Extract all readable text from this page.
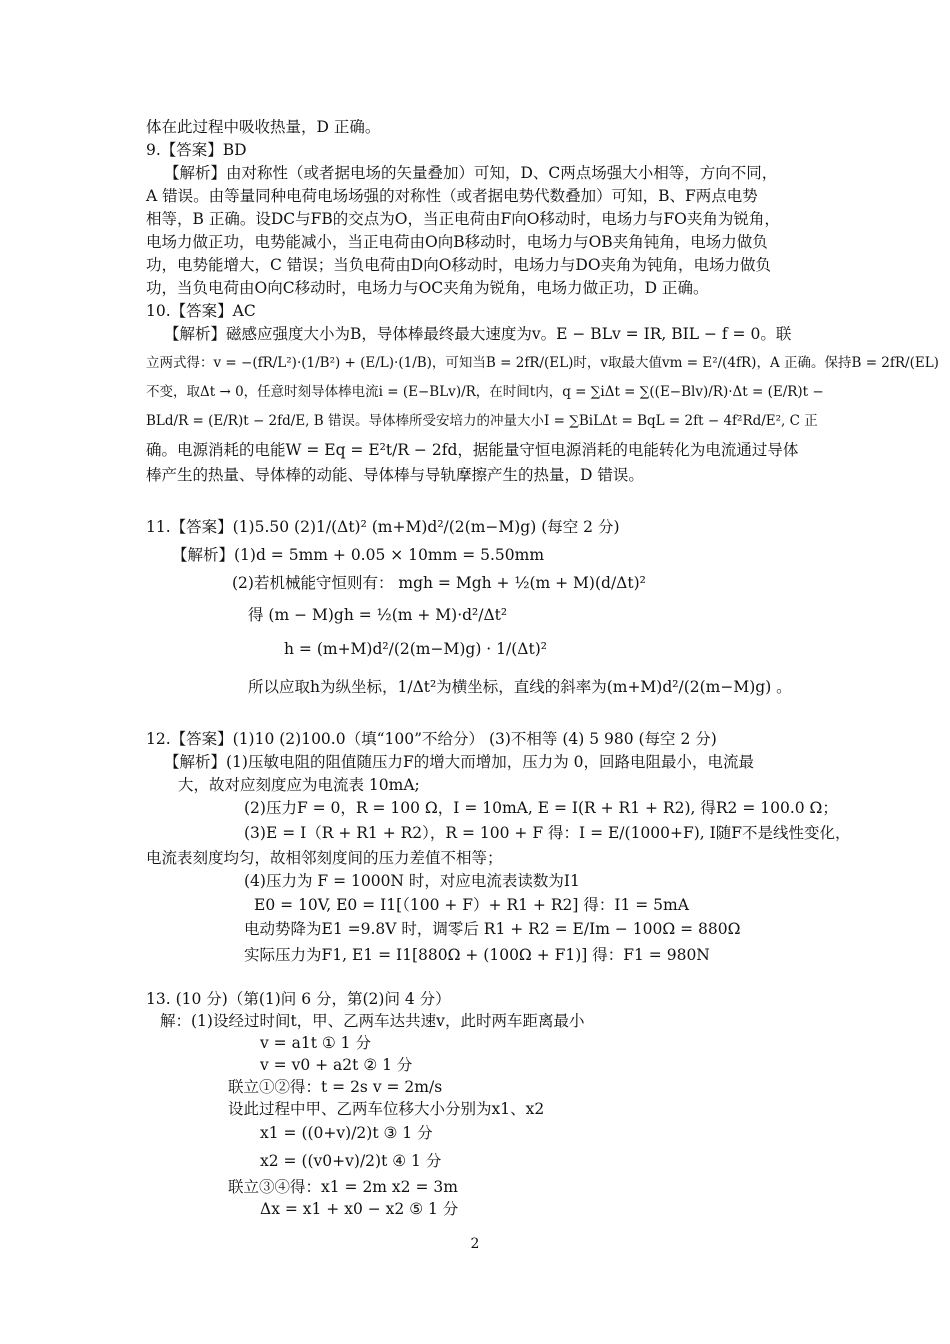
体在此过程中吸收热量，D 正确。
9.【答案】BD
【解析】由对称性（或者据电场的矢量叠加）可知，D、C两点场强大小相等，方向不同，
A 错误。由等量同种电荷电场场强的对称性（或者据电势代数叠加）可知，B、F两点电势
相等，B 正确。设DC与FB的交点为O，当正电荷由F向O移动时，电场力与FO夹角为锐角，
电场力做正功，电势能减小，当正电荷由O向B移动时，电场力与OB夹角钝角，电场力做负
功，电势能增大，C 错误；当负电荷由D向O移动时，电场力与DO夹角为钝角，电场力做负
功，当负电荷由O向C移动时，电场力与OC夹角为锐角，电场力做正功，D 正确。
10.【答案】AC
【解析】磁感应强度大小为B，导体棒最终最大速度为v。E − BLv = IR, BIL − f = 0。联
立两式得：v = −(fR/L²)·(1/B²) + (E/L)·(1/B)，可知当B = 2fR/(EL)时，v取最大值vm = E²/(4fR)，A 正确。保持B = 2fR/(EL)
不变，取Δt → 0，任意时刻导体棒电流i = (E−BLv)/R，在时间t内，q = ∑iΔt = ∑((E−Blv)/R)·Δt = (E/R)t −
BLd/R = (E/R)t − 2fd/E, B 错误。导体棒所受安培力的冲量大小I = ∑BiLΔt = BqL = 2ft − 4f²Rd/E², C 正
确。电源消耗的电能W = Eq = E²t/R − 2fd，据能量守恒电源消耗的电能转化为电流通过导体
棒产生的热量、导体棒的动能、导体棒与导轨摩擦产生的热量，D 错误。
11.【答案】(1)5.50 (2)1/(Δt)² (m+M)d²/(2(m−M)g) (每空 2 分)
【解析】(1)d = 5mm + 0.05 × 10mm = 5.50mm
(2)若机械能守恒则有： mgh = Mgh + ½(m + M)(d/Δt)²
得 (m − M)gh = ½(m + M)·d²/Δt²
h = (m+M)d²/(2(m−M)g) · 1/(Δt)²
所以应取h为纵坐标，1/Δt²为横坐标，直线的斜率为(m+M)d²/(2(m−M)g) 。
12.【答案】(1)10 (2)100.0（填“100”不给分） (3)不相等 (4) 5 980 (每空 2 分)
【解析】(1)压敏电阻的阻值随压力F的增大而增加，压力为 0，回路电阻最小，电流最
大，故对应刻度应为电流表 10mA;
(2)压力F = 0，R = 100 Ω，I = 10mA, E = I(R + R1 + R2), 得R2 = 100.0 Ω；
(3)E = I（R + R1 + R2），R = 100 + F 得：I = E/(1000+F), I随F不是线性变化，
电流表刻度均匀，故相邻刻度间的压力差值不相等；
(4)压力为 F = 1000N 时，对应电流表读数为I1
E0 = 10V, E0 = I1[（100 + F）+ R1 + R2] 得：I1 = 5mA
电动势降为E1 =9.8V 时，调零后 R1 + R2 = E/Im − 100Ω = 880Ω
实际压力为F1, E1 = I1[880Ω + (100Ω + F1)] 得：F1 = 980N
13. (10 分)（第(1)问 6 分，第(2)问 4 分）
解：(1)设经过时间t，甲、乙两车达共速v，此时两车距离最小
v = a1t ① 1 分
v = v0 + a2t ② 1 分
联立①②得：t = 2s v = 2m/s
设此过程中甲、乙两车位移大小分别为x1、x2
x1 = ((0+v)/2)t ③ 1 分
x2 = ((v0+v)/2)t ④ 1 分
联立③④得：x1 = 2m x2 = 3m
Δx = x1 + x0 − x2 ⑤ 1 分
2
